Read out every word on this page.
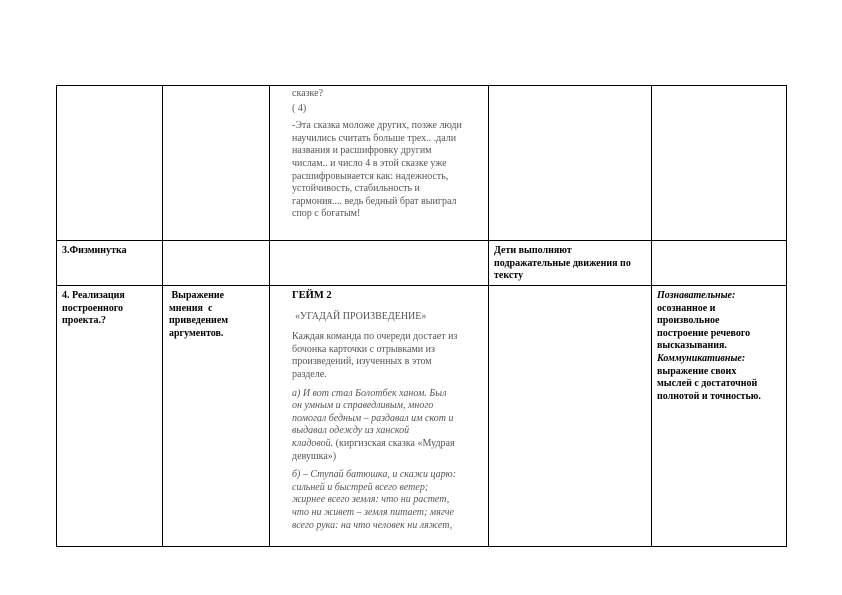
сказке?

( 4)

-Эта сказка моложе других, позже люди

научились считать больше трех.. .дали

названия и расшифровку другим

числам.. и число 4 в этой сказке уже

расшифровывается как: надежность,

устойчивость, стабильность и

гармония.... ведь бедный брат выиграл

спор с богатым!

3.Физминутка	Дети выполняют

подражательные движения по

тексту

4. Реализация

построенного

проекта.?

Выражение

мнения  с

приведением

аргументов.

ГЕЙМ 2

«УГАДАЙ ПРОИЗВЕДЕНИЕ»

Каждая команда по очереди достает из

бочонка карточки с отрывками из

произведений, изученных в этом

разделе.

а) И вот стал Болотбек ханом. Был

он умным и справедливым, много

помогал бедным – раздавал им скот и

выдавал одежду из ханской

кладовой. (киргизская сказка «Мудрая

девушка»)

б) – Ступай батюшка, и скажи царю:

сильней и быстрей всего ветер;

жирнее всего земля: что ни растет,

что ни живет – земля питает; мягче

всего рука: на что человек ни ляжет,

Познавательные:

осознанное и

произвольное

построение речевого

высказывания.

Коммуникативные:

выражение своих

мыслей с достаточной

полнотой и точностью.
